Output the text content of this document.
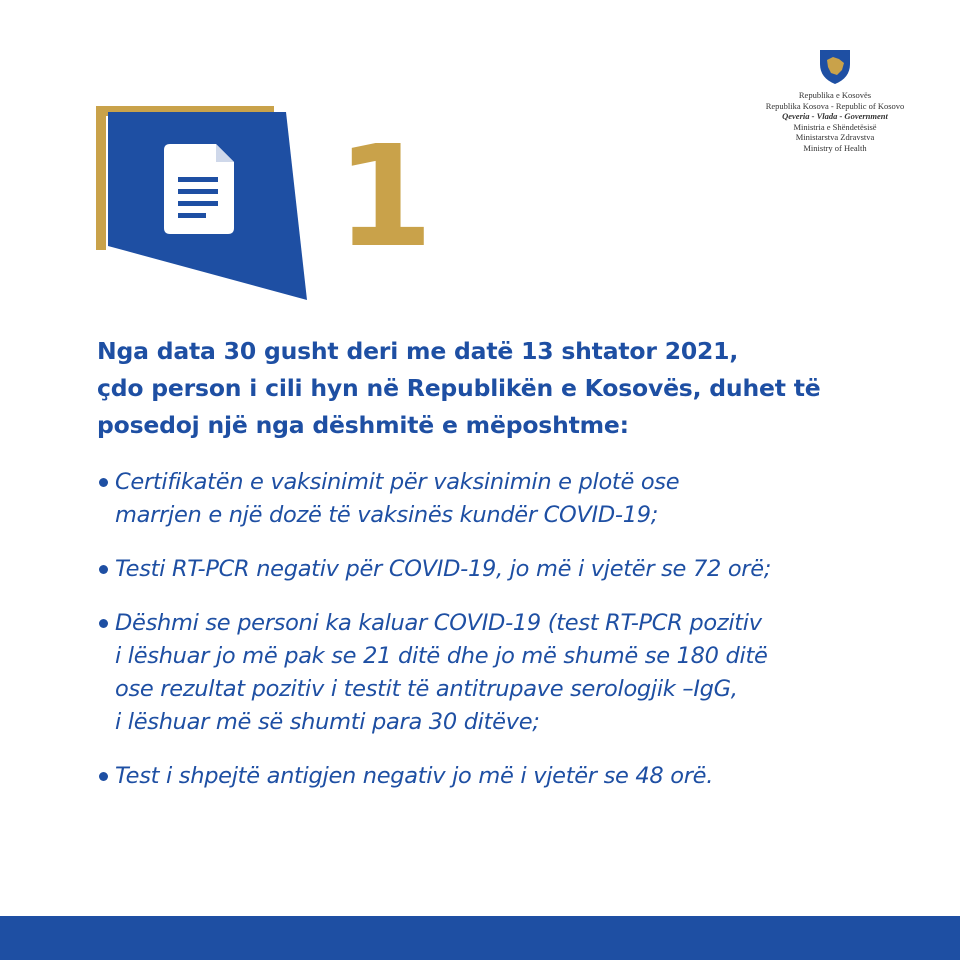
1
Republika e Kosovës
Republika Kosova - Republic of Kosovo
Qeveria - Vlada - Government
Ministria e Shëndetësisë
Ministarstva Zdravstva
Ministry of Health
Nga data 30 gusht deri me datë 13 shtator 2021,
çdo person i cili hyn në Republikën e Kosovës, duhet të
posedoj një nga dëshmitë e mëposhtme:
Certifikatën e vaksinimit për vaksinimin e plotë ose
marrjen e një dozë të vaksinës kundër COVID-19;
Testi RT-PCR negativ për COVID-19, jo më i vjetër se 72 orë;
Dëshmi se personi ka kaluar COVID-19 (test RT-PCR pozitiv
i lëshuar jo më pak se 21 ditë dhe jo më shumë se 180 ditë
ose rezultat pozitiv i testit të antitrupave serologjik –IgG,
i lëshuar më së shumti para 30 ditëve;
Test i shpejtë antigjen negativ jo më i vjetër se 48 orë.
